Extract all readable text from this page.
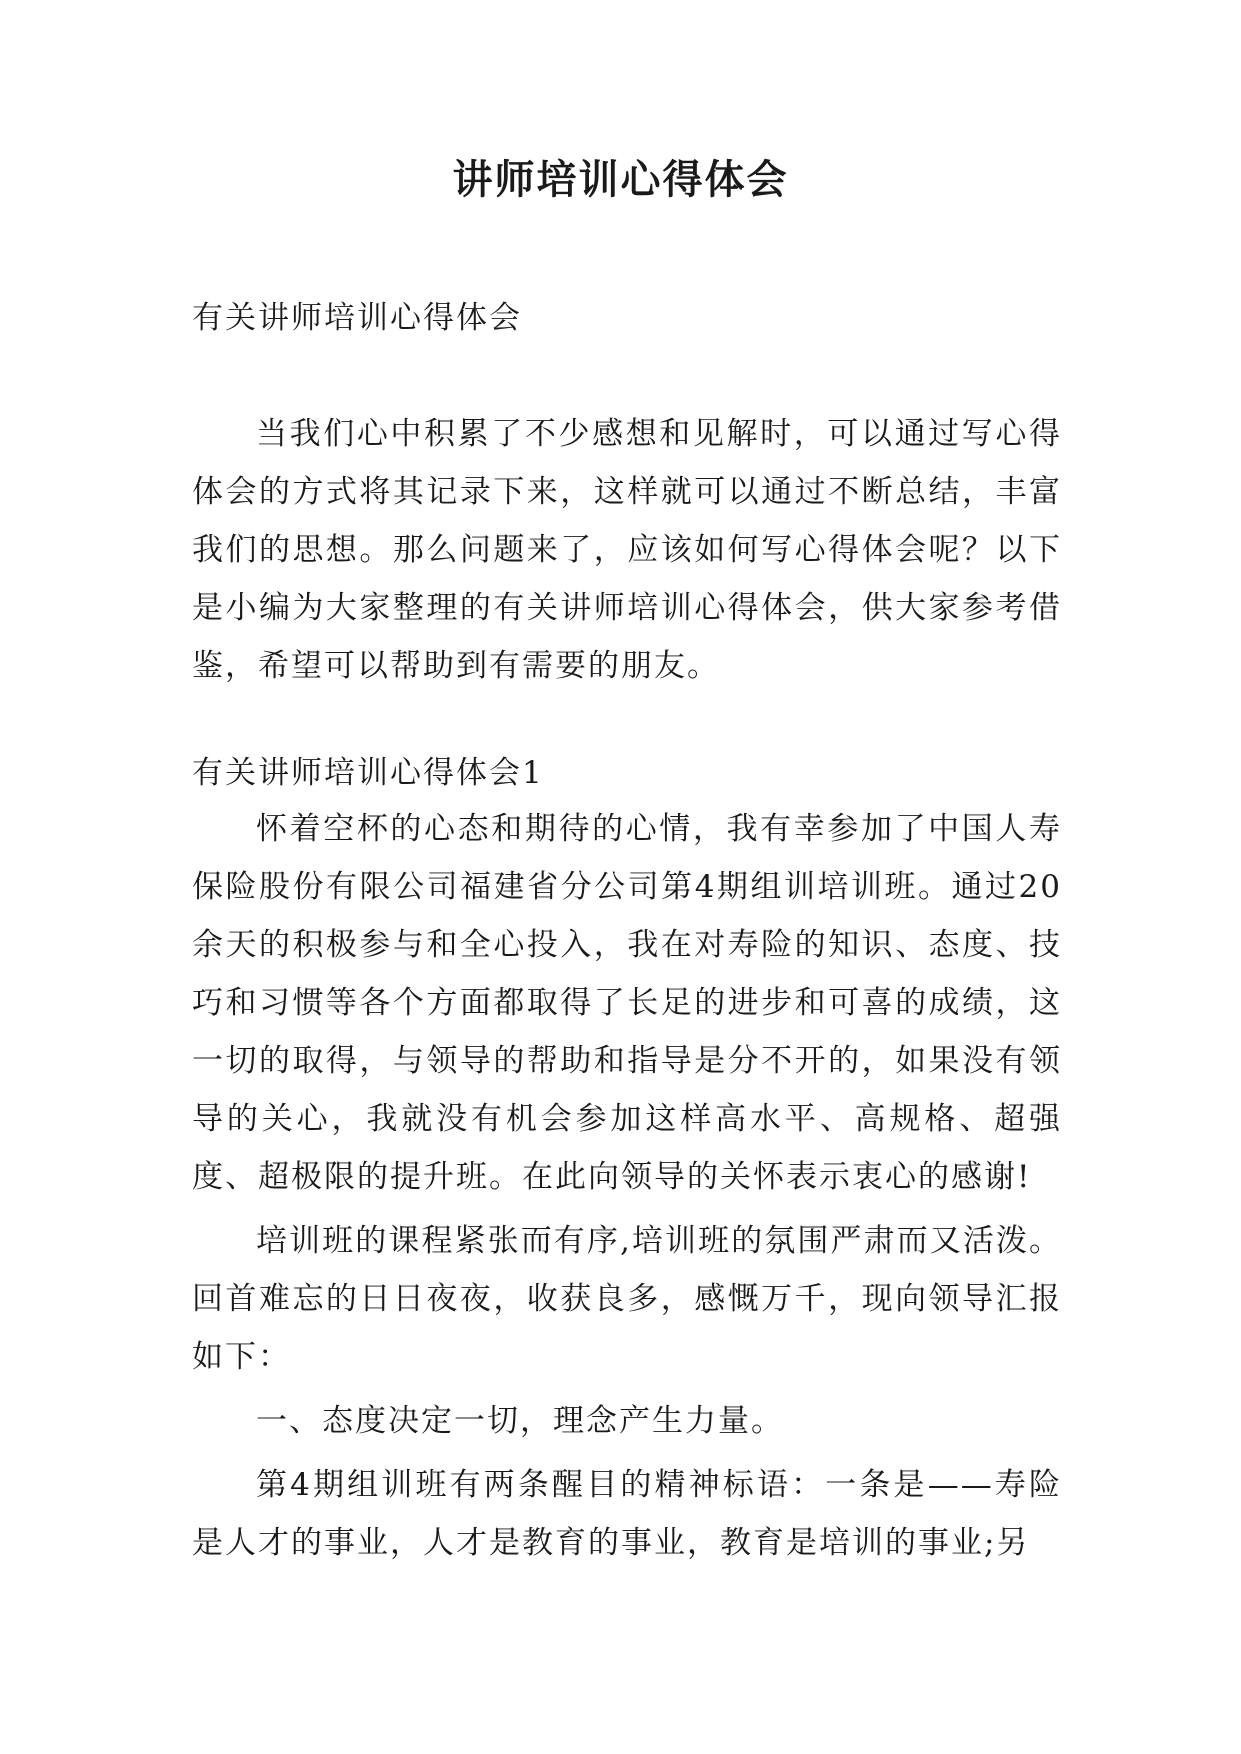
讲师培训心得体会

有关讲师培训心得体会

当我们心中积累了不少感想和见解时，可以通过写心得体会的方式将其记录下来，这样就可以通过不断总结，丰富我们的思想。那么问题来了，应该如何写心得体会呢？以下是小编为大家整理的有关讲师培训心得体会，供大家参考借鉴，希望可以帮助到有需要的朋友。

有关讲师培训心得体会1

怀着空杯的心态和期待的心情，我有幸参加了中国人寿保险股份有限公司福建省分公司第4期组训培训班。通过20余天的积极参与和全心投入，我在对寿险的知识、态度、技巧和习惯等各个方面都取得了长足的进步和可喜的成绩，这一切的取得，与领导的帮助和指导是分不开的，如果没有领导的关心，我就没有机会参加这样高水平、高规格、超强度、超极限的提升班。在此向领导的关怀表示衷心的感谢!

培训班的课程紧张而有序,培训班的氛围严肃而又活泼。回首难忘的日日夜夜，收获良多，感慨万千，现向领导汇报如下：

一、态度决定一切，理念产生力量。

第4期组训班有两条醒目的精神标语：一条是——寿险是人才的事业，人才是教育的事业，教育是培训的事业;另
